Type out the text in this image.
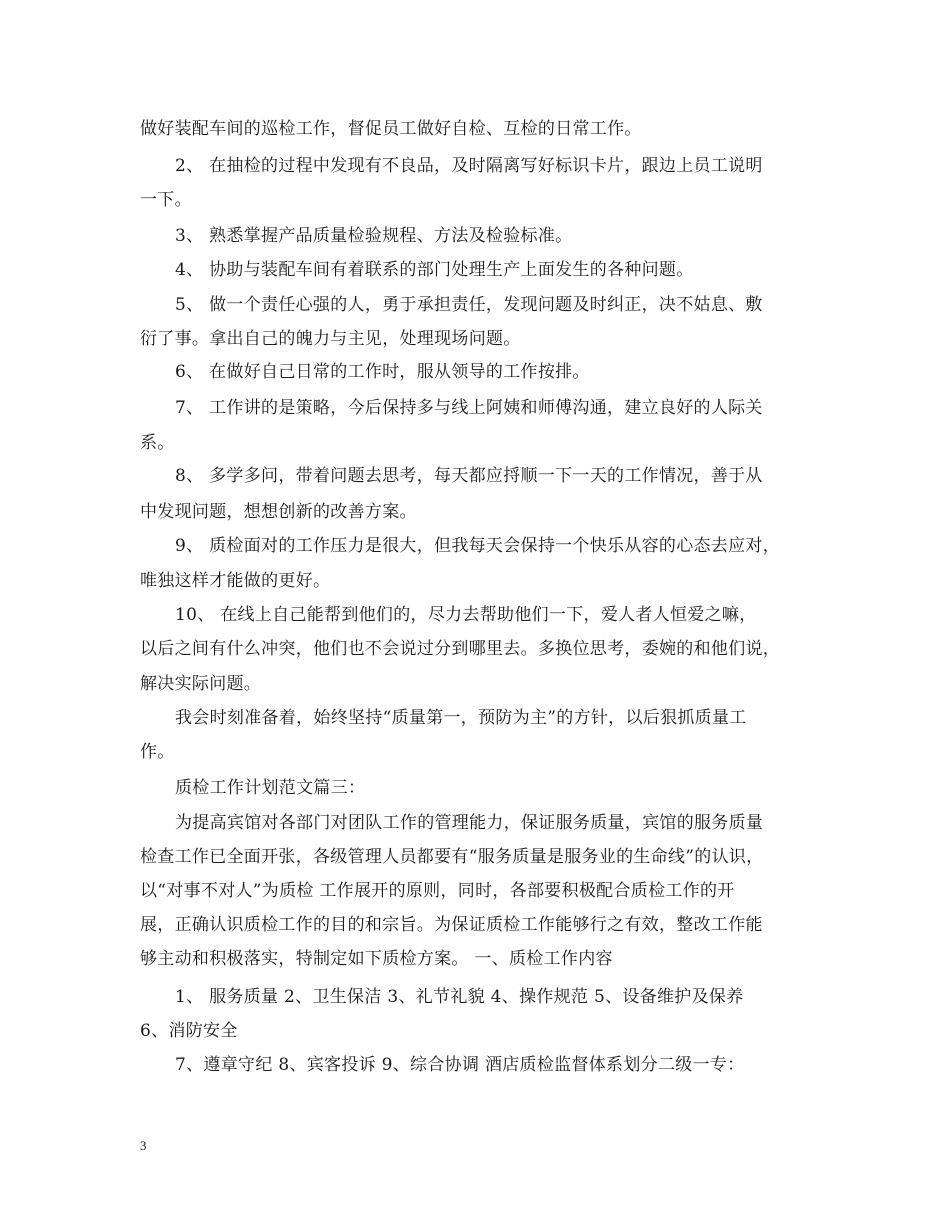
做好装配车间的巡检工作，督促员工做好自检、互检的日常工作。
2、 在抽检的过程中发现有不良品，及时隔离写好标识卡片，跟边上员工说明
一下。
3、 熟悉掌握产品质量检验规程、方法及检验标准。
4、 协助与装配车间有着联系的部门处理生产上面发生的各种问题。
5、 做一个责任心强的人，勇于承担责任，发现问题及时纠正，决不姑息、敷
衍了事。拿出自己的魄力与主见，处理现场问题。
6、 在做好自己日常的工作时，服从领导的工作按排。
7、 工作讲的是策略，今后保持多与线上阿姨和师傅沟通，建立良好的人际关
系。
8、 多学多问，带着问题去思考，每天都应捋顺一下一天的工作情况，善于从
中发现问题，想想创新的改善方案。
9、 质检面对的工作压力是很大，但我每天会保持一个快乐从容的心态去应对，
唯独这样才能做的更好。
10、 在线上自己能帮到他们的，尽力去帮助他们一下，爱人者人恒爱之嘛，
以后之间有什么冲突，他们也不会说过分到哪里去。多换位思考，委婉的和他们说，
解决实际问题。
我会时刻准备着，始终坚持“质量第一，预防为主”的方针，以后狠抓质量工
作。
质检工作计划范文篇三：
为提高宾馆对各部门对团队工作的管理能力，保证服务质量，宾馆的服务质量
检查工作已全面开张，各级管理人员都要有“服务质量是服务业的生命线”的认识，
以“对事不对人”为质检 工作展开的原则，同时，各部要积极配合质检工作的开
展，正确认识质检工作的目的和宗旨。为保证质检工作能够行之有效，整改工作能
够主动和积极落实，特制定如下质检方案。 一、质检工作内容
1、 服务质量 2、卫生保洁 3、礼节礼貌 4、操作规范 5、设备维护及保养
6、消防安全
7、遵章守纪 8、宾客投诉 9、综合协调 酒店质检监督体系划分二级一专：
3
